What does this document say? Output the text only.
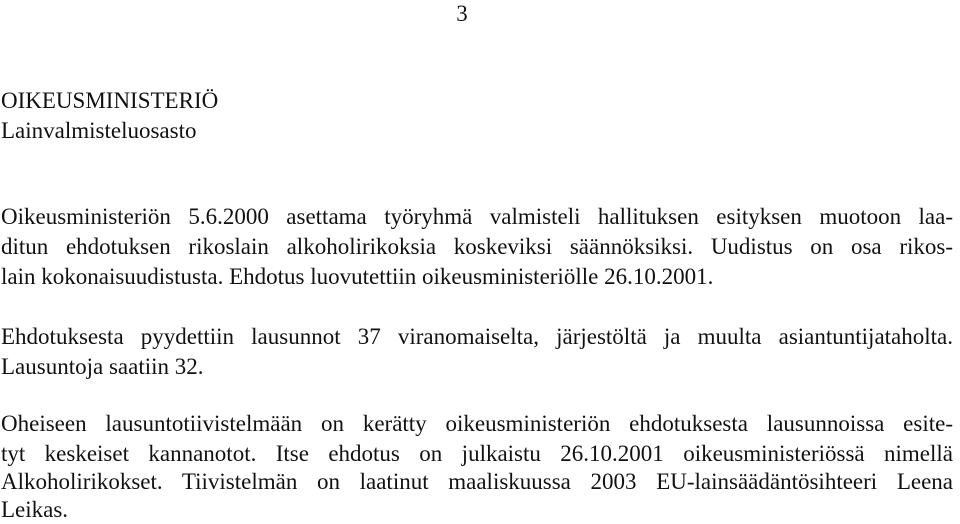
3
OIKEUSMINISTERIÖ
Lainvalmisteluosasto
Oikeusministeriön 5.6.2000 asettama työryhmä valmisteli hallituksen esityksen muotoon laa-
ditun ehdotuksen rikoslain alkoholirikoksia koskeviksi säännöksiksi. Uudistus on osa rikos-
lain kokonaisuudistusta. Ehdotus luovutettiin oikeusministeriölle 26.10.2001.
Ehdotuksesta pyydettiin lausunnot 37 viranomaiselta, järjestöltä ja muulta asiantuntijataholta.
Lausuntoja saatiin 32.
Oheiseen lausuntotiivistelmään on kerätty oikeusministeriön ehdotuksesta lausunnoissa esite-
tyt keskeiset kannanotot. Itse ehdotus on julkaistu 26.10.2001 oikeusministeriössä nimellä
Alkoholirikokset. Tiivistelmän on laatinut maaliskuussa 2003 EU-lainsäädäntösihteeri Leena
Leikas.
